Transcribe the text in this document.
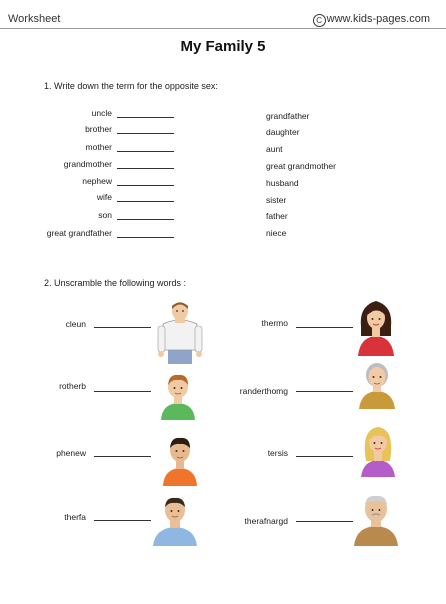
Worksheet	C www.kids-pages.com
My Family 5
1. Write down the term for the opposite sex:
uncle
brother
mother
grandmother
nephew
wife
son
great grandfather
grandfather
daughter
aunt
great grandmother
husband
sister
father
niece
2. Unscramble the following words :
cleun
rotherb
phenew
therfa
thermo
randerthomg
tersis
therafnargd
